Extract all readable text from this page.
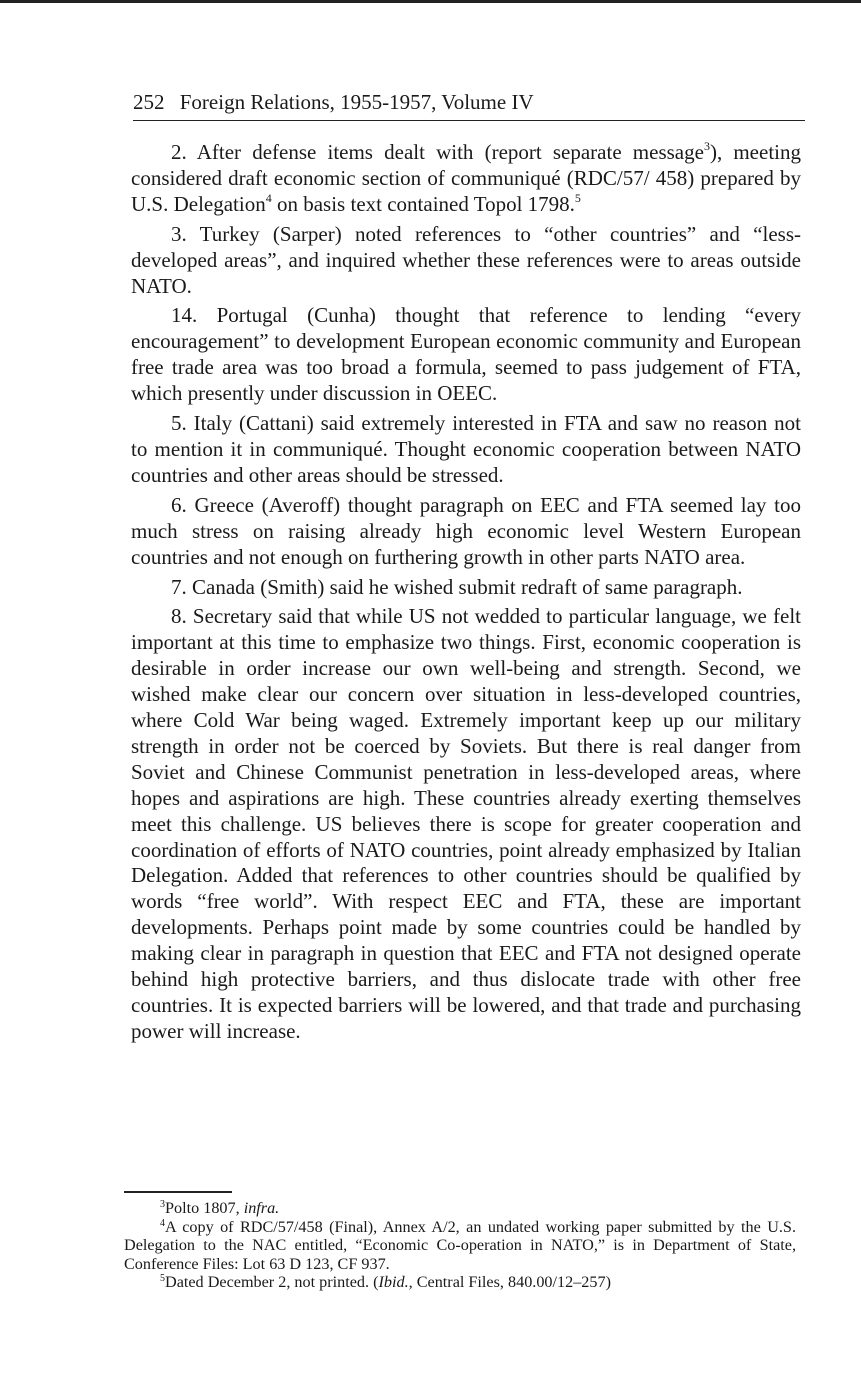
252 Foreign Relations, 1955-1957, Volume IV

2. After defense items dealt with (report separate message$^3$), meeting considered draft economic section of communiqué (RDC/57/ 458) prepared by U.S. Delegation$^4$ on basis text contained Topol 1798.$^5$

3. Turkey (Sarper) noted references to “other countries” and “less-developed areas”, and inquired whether these references were to areas outside NATO.

14. Portugal (Cunha) thought that reference to lending “every encouragement” to development European economic community and European free trade area was too broad a formula, seemed to pass judgement of FTA, which presently under discussion in OEEC.

5. Italy (Cattani) said extremely interested in FTA and saw no reason not to mention it in communiqué. Thought economic cooperation between NATO countries and other areas should be stressed.

6. Greece (Averoff) thought paragraph on EEC and FTA seemed lay too much stress on raising already high economic level Western European countries and not enough on furthering growth in other parts NATO area.

7. Canada (Smith) said he wished submit redraft of same paragraph.

8. Secretary said that while US not wedded to particular language, we felt important at this time to emphasize two things. First, economic cooperation is desirable in order increase our own well-being and strength. Second, we wished make clear our concern over situation in less-developed countries, where Cold War being waged. Extremely important keep up our military strength in order not be coerced by Soviets. But there is real danger from Soviet and Chinese Communist penetration in less-developed areas, where hopes and aspirations are high. These countries already exerting themselves meet this challenge. US believes there is scope for greater cooperation and coordination of efforts of NATO countries, point already emphasized by Italian Delegation. Added that references to other countries should be qualified by words “free world”. With respect EEC and FTA, these are important developments. Perhaps point made by some countries could be handled by making clear in paragraph in question that EEC and FTA not designed operate behind high protective barriers, and thus dislocate trade with other free countries. It is expected barriers will be lowered, and that trade and purchasing power will increase.

$^3$Polto 1807, infra.

$^4$A copy of RDC/57/458 (Final), Annex A/2, an undated working paper submitted by the U.S. Delegation to the NAC entitled, “Economic Co-operation in NATO,” is in Department of State, Conference Files: Lot 63 D 123, CF 937.

$^5$Dated December 2, not printed. (Ibid., Central Files, 840.00/12–257)
